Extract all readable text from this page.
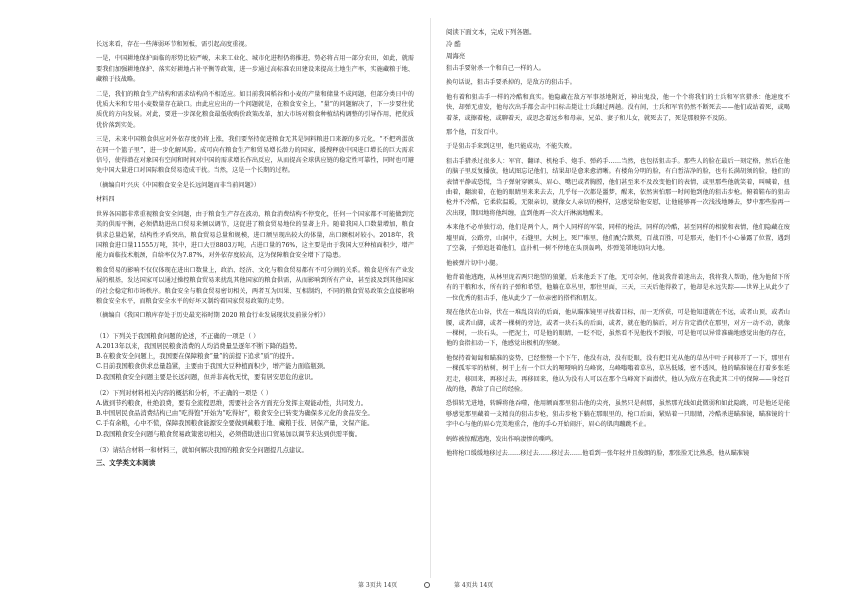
长远来看，存在一些薄弱环节和短板，需引起高度重视。

一是，中国耕地保护面临的形势比较严峻，未来工业化、城市化进程仍将推进，势必将占用一部分农田，如此，就需要我们加强耕地保护、落实好耕地占补平衡等政策，进一步通过高标准农田建设来提高土地生产率，实施藏粮于地、藏粮于技战略。

二是，我们的粮食生产结构和需求结构尚不相适应。如目前我国稻谷和小麦的产量和储量不成问题，但部分类日中的优质大米和专用小麦数量存在缺口。由此应应出的一个问题就是，在粮食安全上，“量”的问题解决了，下一步要往优质优的方向发展。对此，要进一步深化粮食最低收购价政策改革，加大市场对粮食种植结构调整的引导作用，把优质优价落到实处。

三是，未来中国粮食供应对外依存度仍将上涨，我们要坚持促进粮食无其是饲料粮进口来源的多元化，“不把鸡蛋放在同一个篮子里”，进一步化解风险。成可向有粮食生产和贸易增长潜力的国家，援搜释放中国进口增长的巨大需求信号，使得潜在对象国有空间和时间对中国的需求增长作出反应，从而提高全球供应链的稳定性可靠性，同时也可避免中国大量进口对国际粮食贸易造成干扰。当然，这是一个长期的过程。

（摘编自叶兴庆《中国粮食安全是长远问题而非当前问题》）

材料四

世界各国都非常重视粮食安全问题，由于粮食生产存在波动，粮食消费结构不停变化，任何一个国家都不可能做到完美的供需平衡，必须借助进出口贸易来倾以调节，这促进了粮食贸易地位的显著上升。随着我国人口数量增加，粮食供求总量趋紧，结构性矛盾突出，粮食贸易总量和规模，进口额呈现出较大的体量，出口额相对较小。2018年，我国粮食进口量11555万吨，其中，进口大豆8803万吨，占进口量的76%，这主要是由于我国大豆种植面积少，增产能力面临技术瓶颈，自给率仅为7.87%，对外依存度较高，这为保障粮食安全增下了隐患。

粮食贸易的影响不仅仅体现在进出口数量上，政治、经济、文化与粮食贸易都有不可分割的关系。粮食是所有产业发展的根基，发达国家可以通过操控粮食贸易来扰乱其他国家的粮食供需，从而影响到所有产业，甚至波及到其他国家的社会稳定和市场秩序。粮食安全与粮食贸易密切相关，两者互为因果、互相制约，不同的粮食贸易政策会直接影响粮食安全水平，而粮食安全水平的好坏又制约着国家贸易政策的走势。

（摘编自《我国口粮库存处于历史最充裕时期 2020 粮食行业发展现状及前景分析》）

（1）下列关于我国粮食问题的论述，不正确的一项是（ ）

A.2013年以来，我国居民粮食消费的人均消费量呈逐年不断下降的趋势。

B.在粮食安全问题上，我国要在保障粮食“量”的前提下追求“质”的提升。

C.目前我国粮食供求总量趋紧，主要由于我国大豆种植面积少，增产能力面临瓶颈。

D.我国粮食安全问题主要是长远问题，但并非高枕无忧，要有居安思危的意识。

（2）下列对材料相关内容的概括和分析，不正确的一项是（ ）

A.做到节约粮食，杜绝浪费，要有全流程思维，需要社会各方面充分发挥主观能动性，共同发力。

B.中国居民食品消费结构已由“吃得饱”开始为“吃得好”，粮食安全已转变为确保多元化的食品安全。

C.手有余粮，心中不慌，保障我国粮食能源安全要做到藏粮于地、藏粮于技、居保产量，文保产能。

D.我国粮食安全问题与粮食贸易政策密切相关，必须借助进出口贸易加以调节来达到供需平衡。

（3）请结合材料一和材料三，就如何解决我国的粮食安全问题提几点建议。

三、文学类文本阅读

阅读下面文本，完成下列各题。

冷 酷

周海亮

狙击手要射杀一个和自己一样的人。

换句话说，狙击手要杀掉的，是敌方的狙击手。

他有着和狙击手一样的冷酷和真实。他隐藏在敌方军事基地附近，神出鬼没，他一个个将我们的士兵和军官猎杀：他速度不快，却弹无虚发，他每次出手都会击中目标击毙让士兵翻过两趟。没有间，士兵和军官仍然不断死去——他们或站着死，或喝着茶，或擦着枪，或聊着天，或思念着远乡和母亲，兄弟、妻子和儿女，就死去了，死是那般猝不及防。

那个他，百发百中。

于是狙击手来到这里，他只能成功，不能失败。

狙击手猎杀过很多人：军官、翻译、机枪手、炮手、弹药手……当然，也包括狙击手。那些人的脸在最后一刻定格，然后在他的脑子里反复播放，他试图忘记他们，结果却是愈来愈清晰。有楼角分明的脸，有白皙洁净的脸，也有长满胡须的脸，他们的表情平静或恐慌，当子弹射穿额头、眉心、嘴巴或者胸膛，他们甚至来不及改变他们的表情，或里那些他就笑着，叫喊着，扭曲着，翻滚着，在他的眼睛里来来去去，几乎每一次都是噩梦，醒来，依然害怕那一时间他到他的狙击步枪。俯着鞋布的狙击枪并不冷酷，它柔软温暖，无限亲切，就像女人亲切的模样，这感觉给他安慰，让他能够再一次浅浅地睡去，梦中那些脸再一次出现，期因地将他纠缠，直到他再一次大汗淋漓地醒来。

本来他不必单独行动，他们是两个人，两个人同样的军装，同样的枪法，同样的冷酷，甚至同样的相貌和表情，他们隐藏在废墟里面，公路旁，山洞中，石缝里，大树上，死尸堆里，他们配合默契，百战百胜，可是那天，他们不小心暴露了位置，遇到了空袭，子弹追赶着他们，直扑机一树不停地在头顶轰鸣，炸弹笼罩地切向大地。

他被弹片切中小腿。

他背着他逃跑，从林里庞若两只绝望的狼獾，后来他丢下了他，无可奈何，他说我背着迷出去，我将我人帮助，他为他留下所有的干粮和水，所有的子弹和希望，他躺在草丛里，那往里面，三天，三天后他得救了，他却是永远失踪——世界上从此少了一位优秀的狙击手，他从此少了一位亲密的搭档和朋友。

现在他伏在山谷，伏在一堆乱岗岩的后面，他从瞄准镜里寻找着目标，而一无所获，可是他知道就在不远，或者山顶，或者山腰，或者山脚，或者一棵树的旁边，或者一块石头的后面，或者，就在他的脑后，对方肯定潜伏在那里，对方一动不动，就像一棵树，一块石头，一把泥土，可是他的眼睛，一眨不眨，虽然看不见他找不到彼，可是他可以异常准确地感觉出他的存在，他的食指扣动一下，他感觉出极机的坚硬。

他保持着匍匐和瞄准的姿势，已经整整一个下午，他没有动，没有眨眼，没有把目光从他的草丛中叶子间移开了一下，那里有一棵孤零零的枯树，树干上有一个巨大的哑哑响的乌峰窝，乌峰嗡嗡着草丛，草丛低矮，密不透风，他的瞄准镜在打着多张延迟走，移回来，再移过去，再移回来，他认为没有人可以在那个乌峰窝下面潜伏，他认为敌方在我此其二中的保障——身经百战的他，教给了自己的经验。

恐惧转无进地，转瞬将他吞噬，他用额面那里狙击他的尖亮，虽然只是刹那，虽然那光线如此微弱和如此隐跳，可是他还是能够感觉那里藏着一支精良的狙击步枪，狙击步枪下躺在那眼里的，枪口后面，紧贴着一只眼睛，冷酷杀进瞄准镜，瞄准镜的十字中心与他的眉心完美地重合，他的手心开始闹汗，眉心的肌肉蹦跳不止。

蚂蚱被惊醒逃跑，发出作响凄惨的嘶鸣。

他将枪口缓缓地移过去……移过去……移过去……他看到一张年轻并且俊朗的脸，那张脸无比熟悉，他从瞄准镜

第 3页共 14页	第 4页共 14页
